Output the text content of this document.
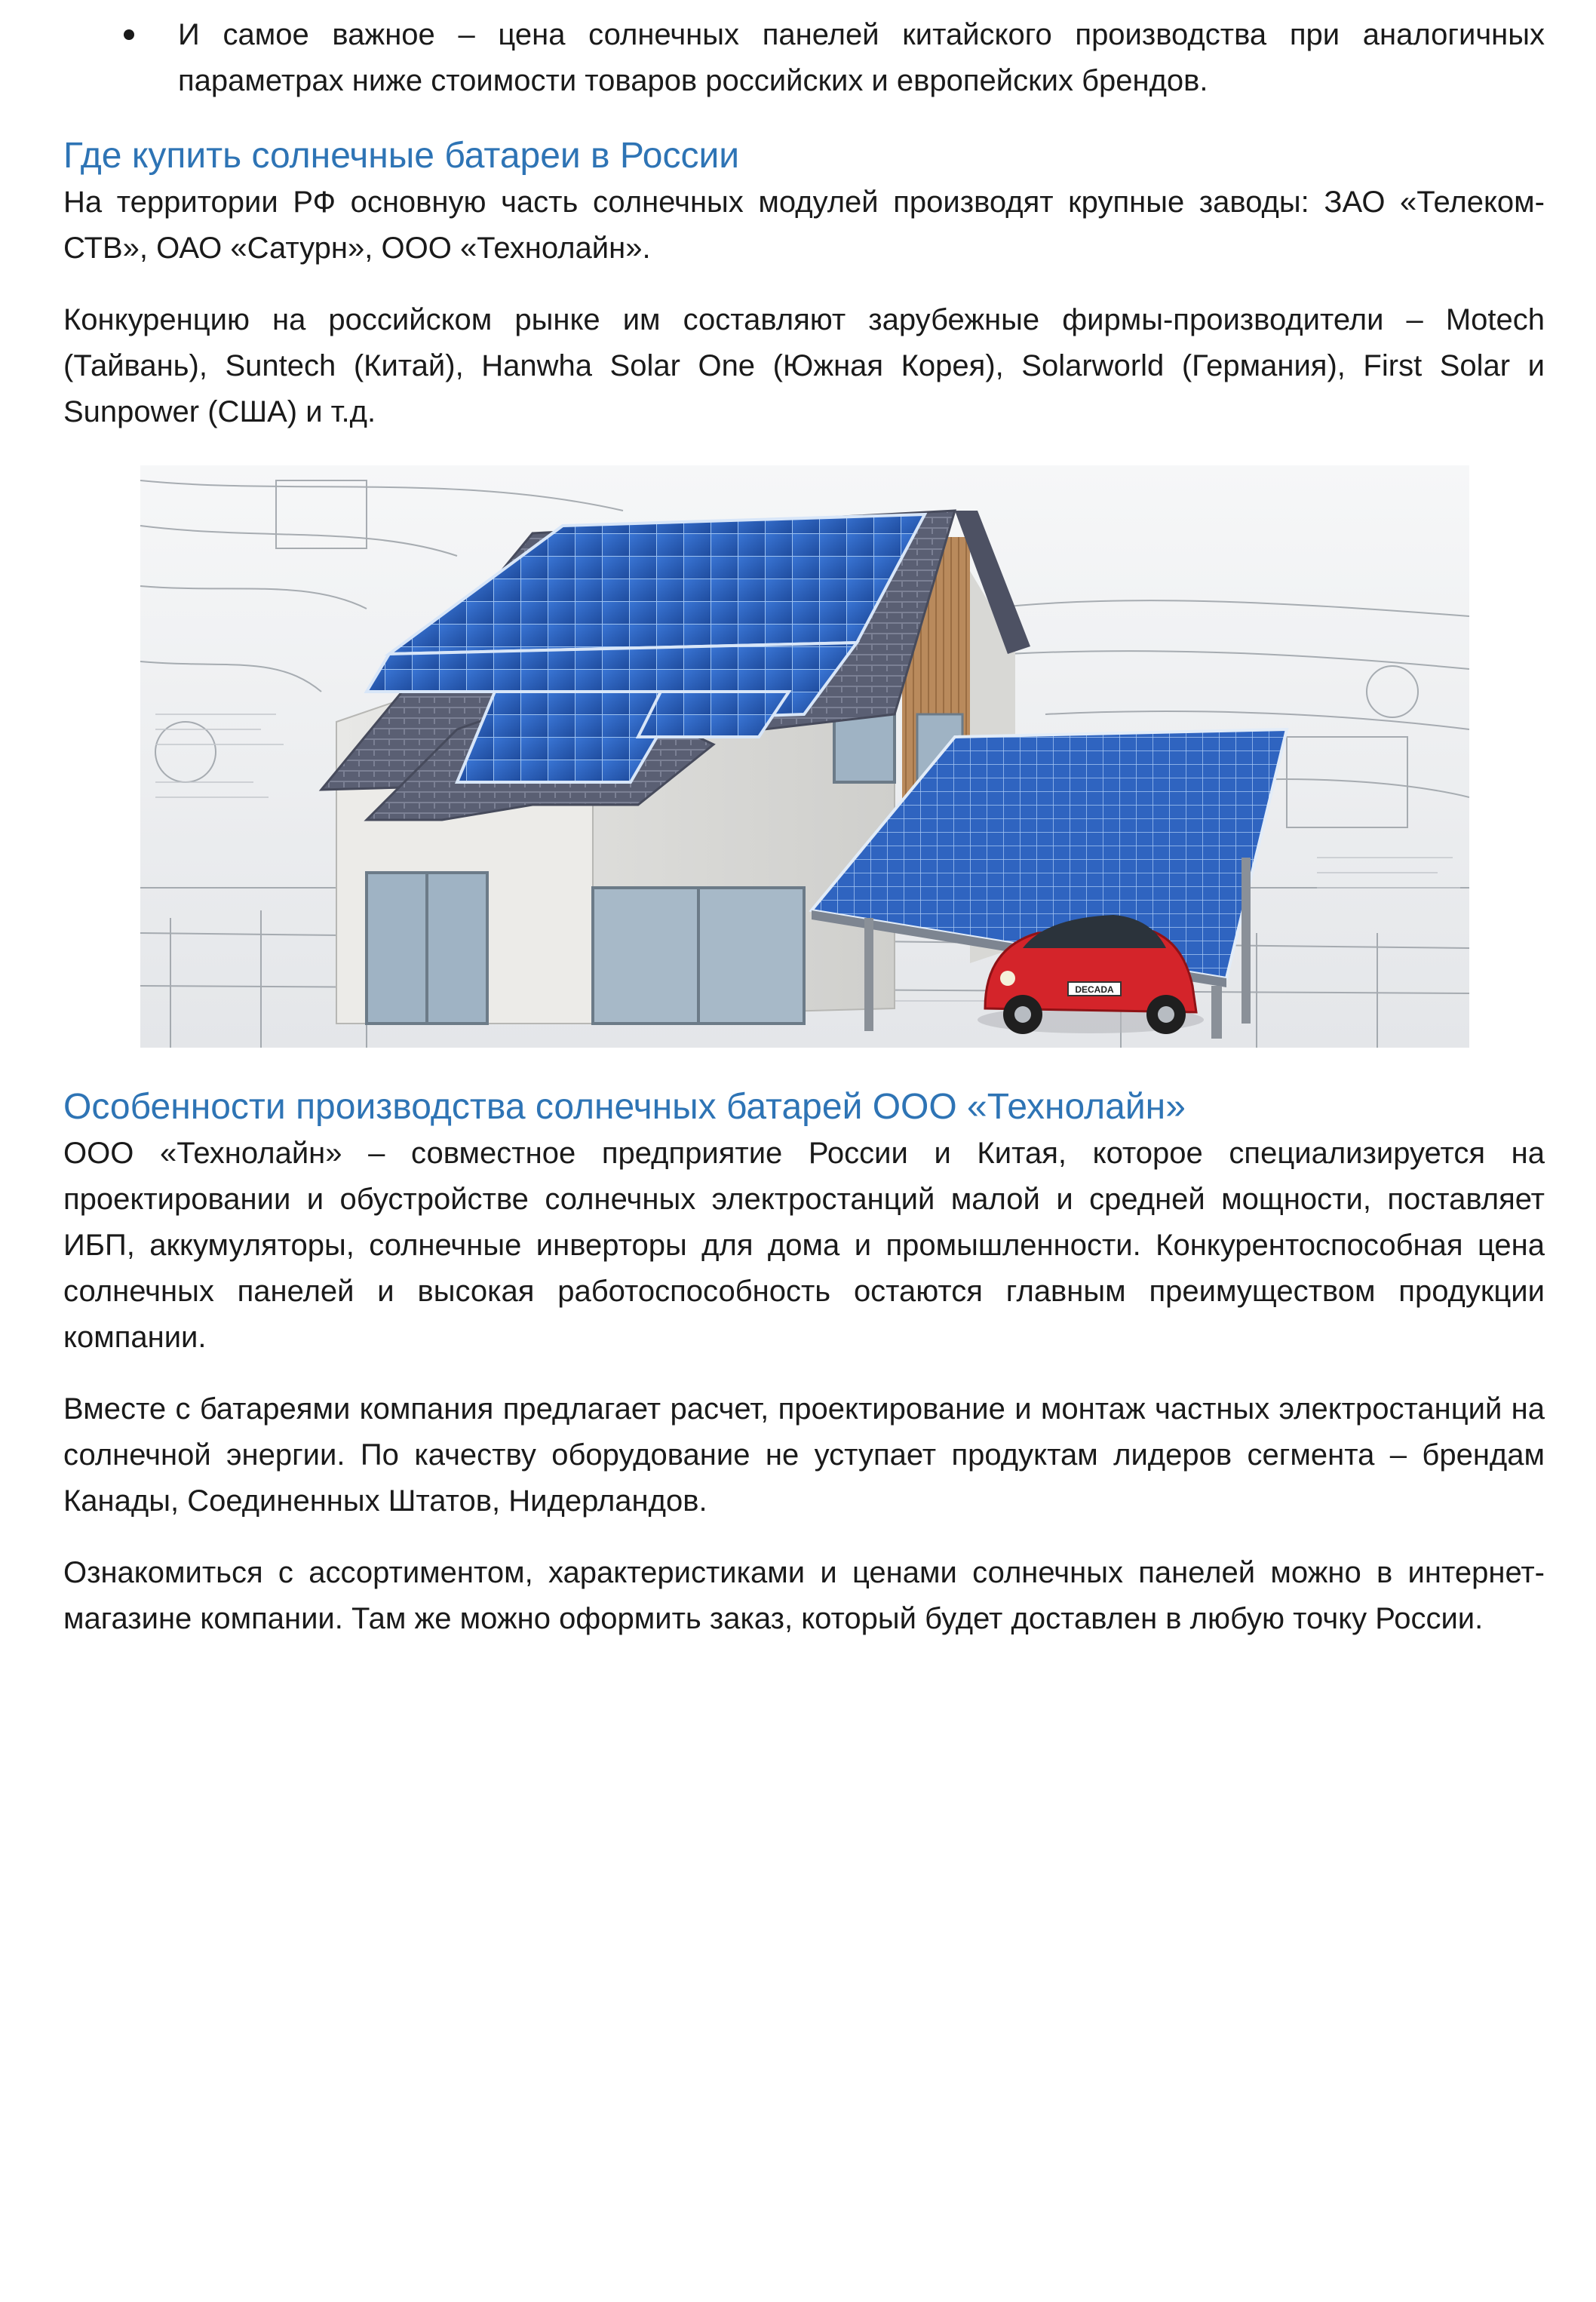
И самое важное – цена солнечных панелей китайского производства при аналогичных параметрах ниже стоимости товаров российских и европейских брендов.
Где купить солнечные батареи в России

На территории РФ основную часть солнечных модулей производят крупные заводы: ЗАО «Телеком-СТВ», ОАО «Сатурн», ООО «Технолайн».

Конкуренцию на российском рынке им составляют зарубежные фирмы-производители – Motech (Тайвань), Suntech (Китай), Hanwha Solar One (Южная Корея), Solarworld (Германия), First Solar и Sunpower (США) и т.д.

DECADA
Особенности производства солнечных батарей ООО «Технолайн»

ООО «Технолайн» – совместное предприятие России и Китая, которое специализируется на проектировании и обустройстве солнечных электростанций малой и средней мощности, поставляет ИБП, аккумуляторы, солнечные инверторы для дома и промышленности. Конкурентоспособная цена солнечных панелей и высокая работоспособность остаются главным преимуществом продукции компании.

Вместе с батареями компания предлагает расчет, проектирование и монтаж частных электростанций на солнечной энергии. По качеству оборудование не уступает продуктам лидеров сегмента – брендам Канады, Соединенных Штатов, Нидерландов.

Ознакомиться с ассортиментом, характеристиками и ценами солнечных панелей можно в интернет-магазине компании. Там же можно оформить заказ, который будет доставлен в любую точку России.
